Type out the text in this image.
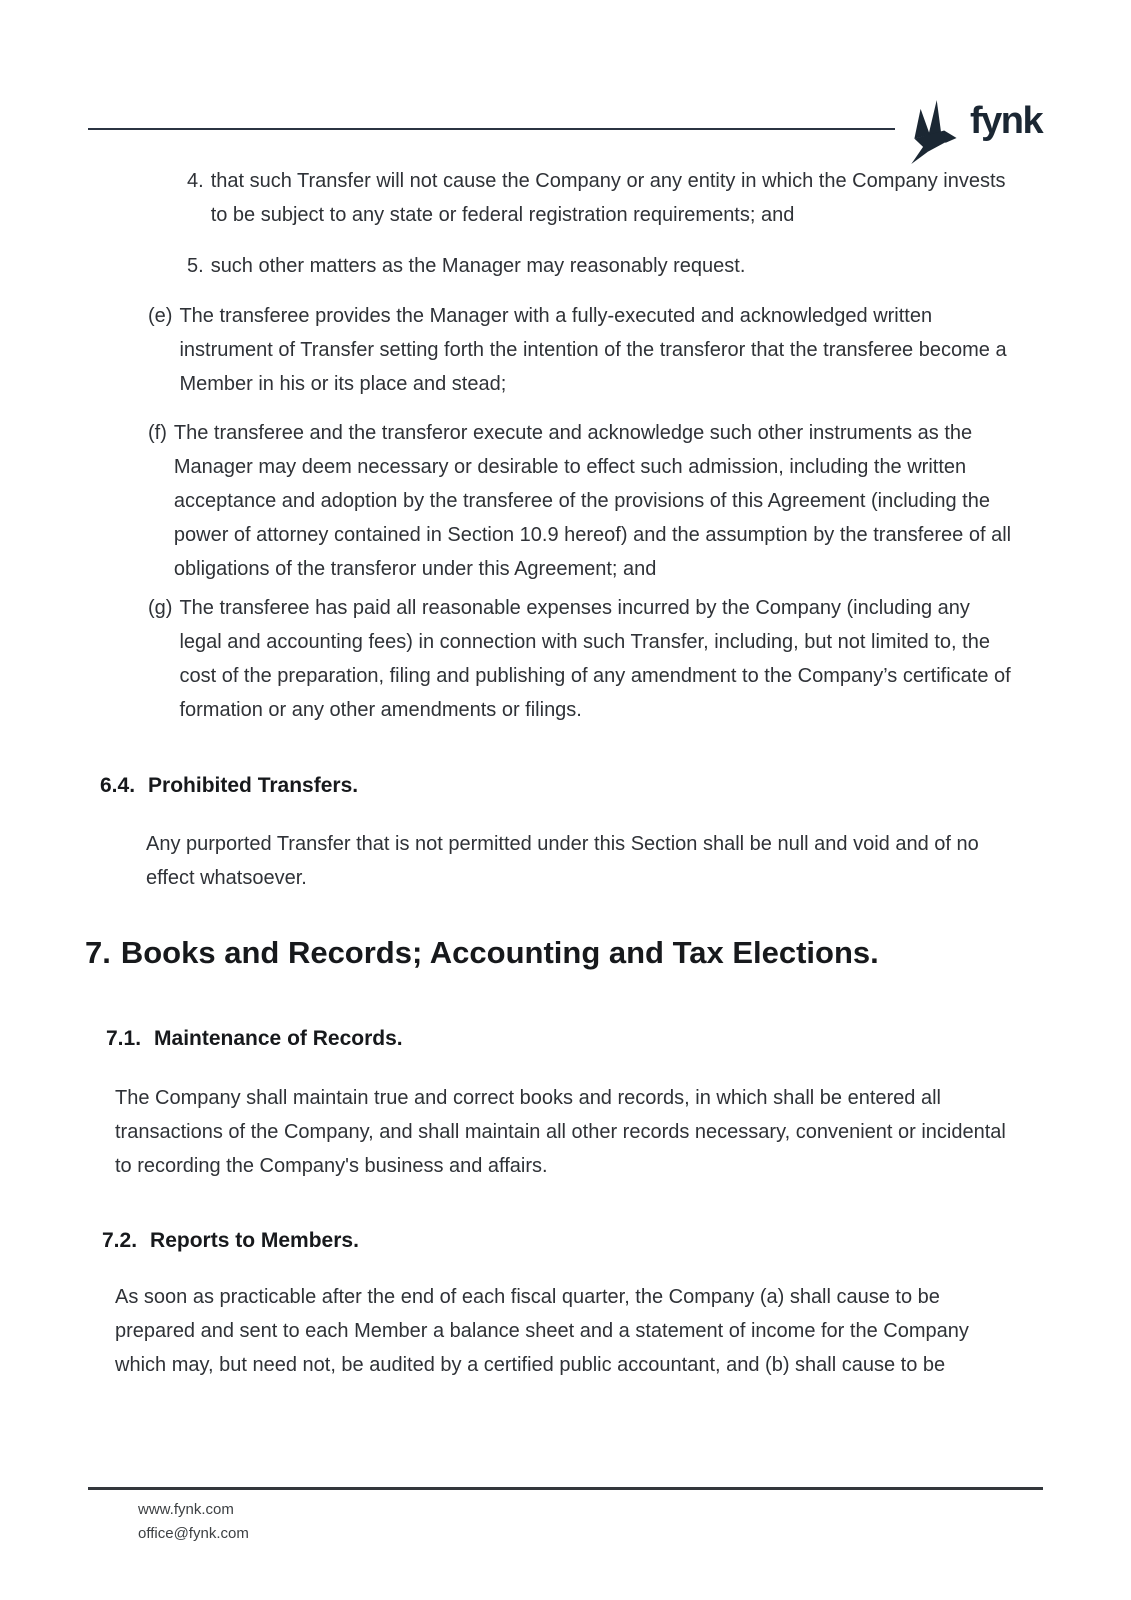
fynk
4. that such Transfer will not cause the Company or any entity in which the Company invests to be subject to any state or federal registration requirements; and
5. such other matters as the Manager may reasonably request.
(e) The transferee provides the Manager with a fully-executed and acknowledged written instrument of Transfer setting forth the intention of the transferor that the transferee become a Member in his or its place and stead;
(f) The transferee and the transferor execute and acknowledge such other instruments as the Manager may deem necessary or desirable to effect such admission, including the written acceptance and adoption by the transferee of the provisions of this Agreement (including the power of attorney contained in Section 10.9 hereof) and the assumption by the transferee of all obligations of the transferor under this Agreement; and
(g) The transferee has paid all reasonable expenses incurred by the Company (including any legal and accounting fees) in connection with such Transfer, including, but not limited to, the cost of the preparation, filing and publishing of any amendment to the Company’s certificate of formation or any other amendments or filings.
6.4. Prohibited Transfers.
Any purported Transfer that is not permitted under this Section shall be null and void and of no effect whatsoever.
7. Books and Records; Accounting and Tax Elections.
7.1. Maintenance of Records.
The Company shall maintain true and correct books and records, in which shall be entered all transactions of the Company, and shall maintain all other records necessary, convenient or incidental to recording the Company's business and affairs.
7.2. Reports to Members.
As soon as practicable after the end of each fiscal quarter, the Company (a) shall cause to be prepared and sent to each Member a balance sheet and a statement of income for the Company which may, but need not, be audited by a certified public accountant, and (b) shall cause to be
www.fynk.com
office@fynk.com
